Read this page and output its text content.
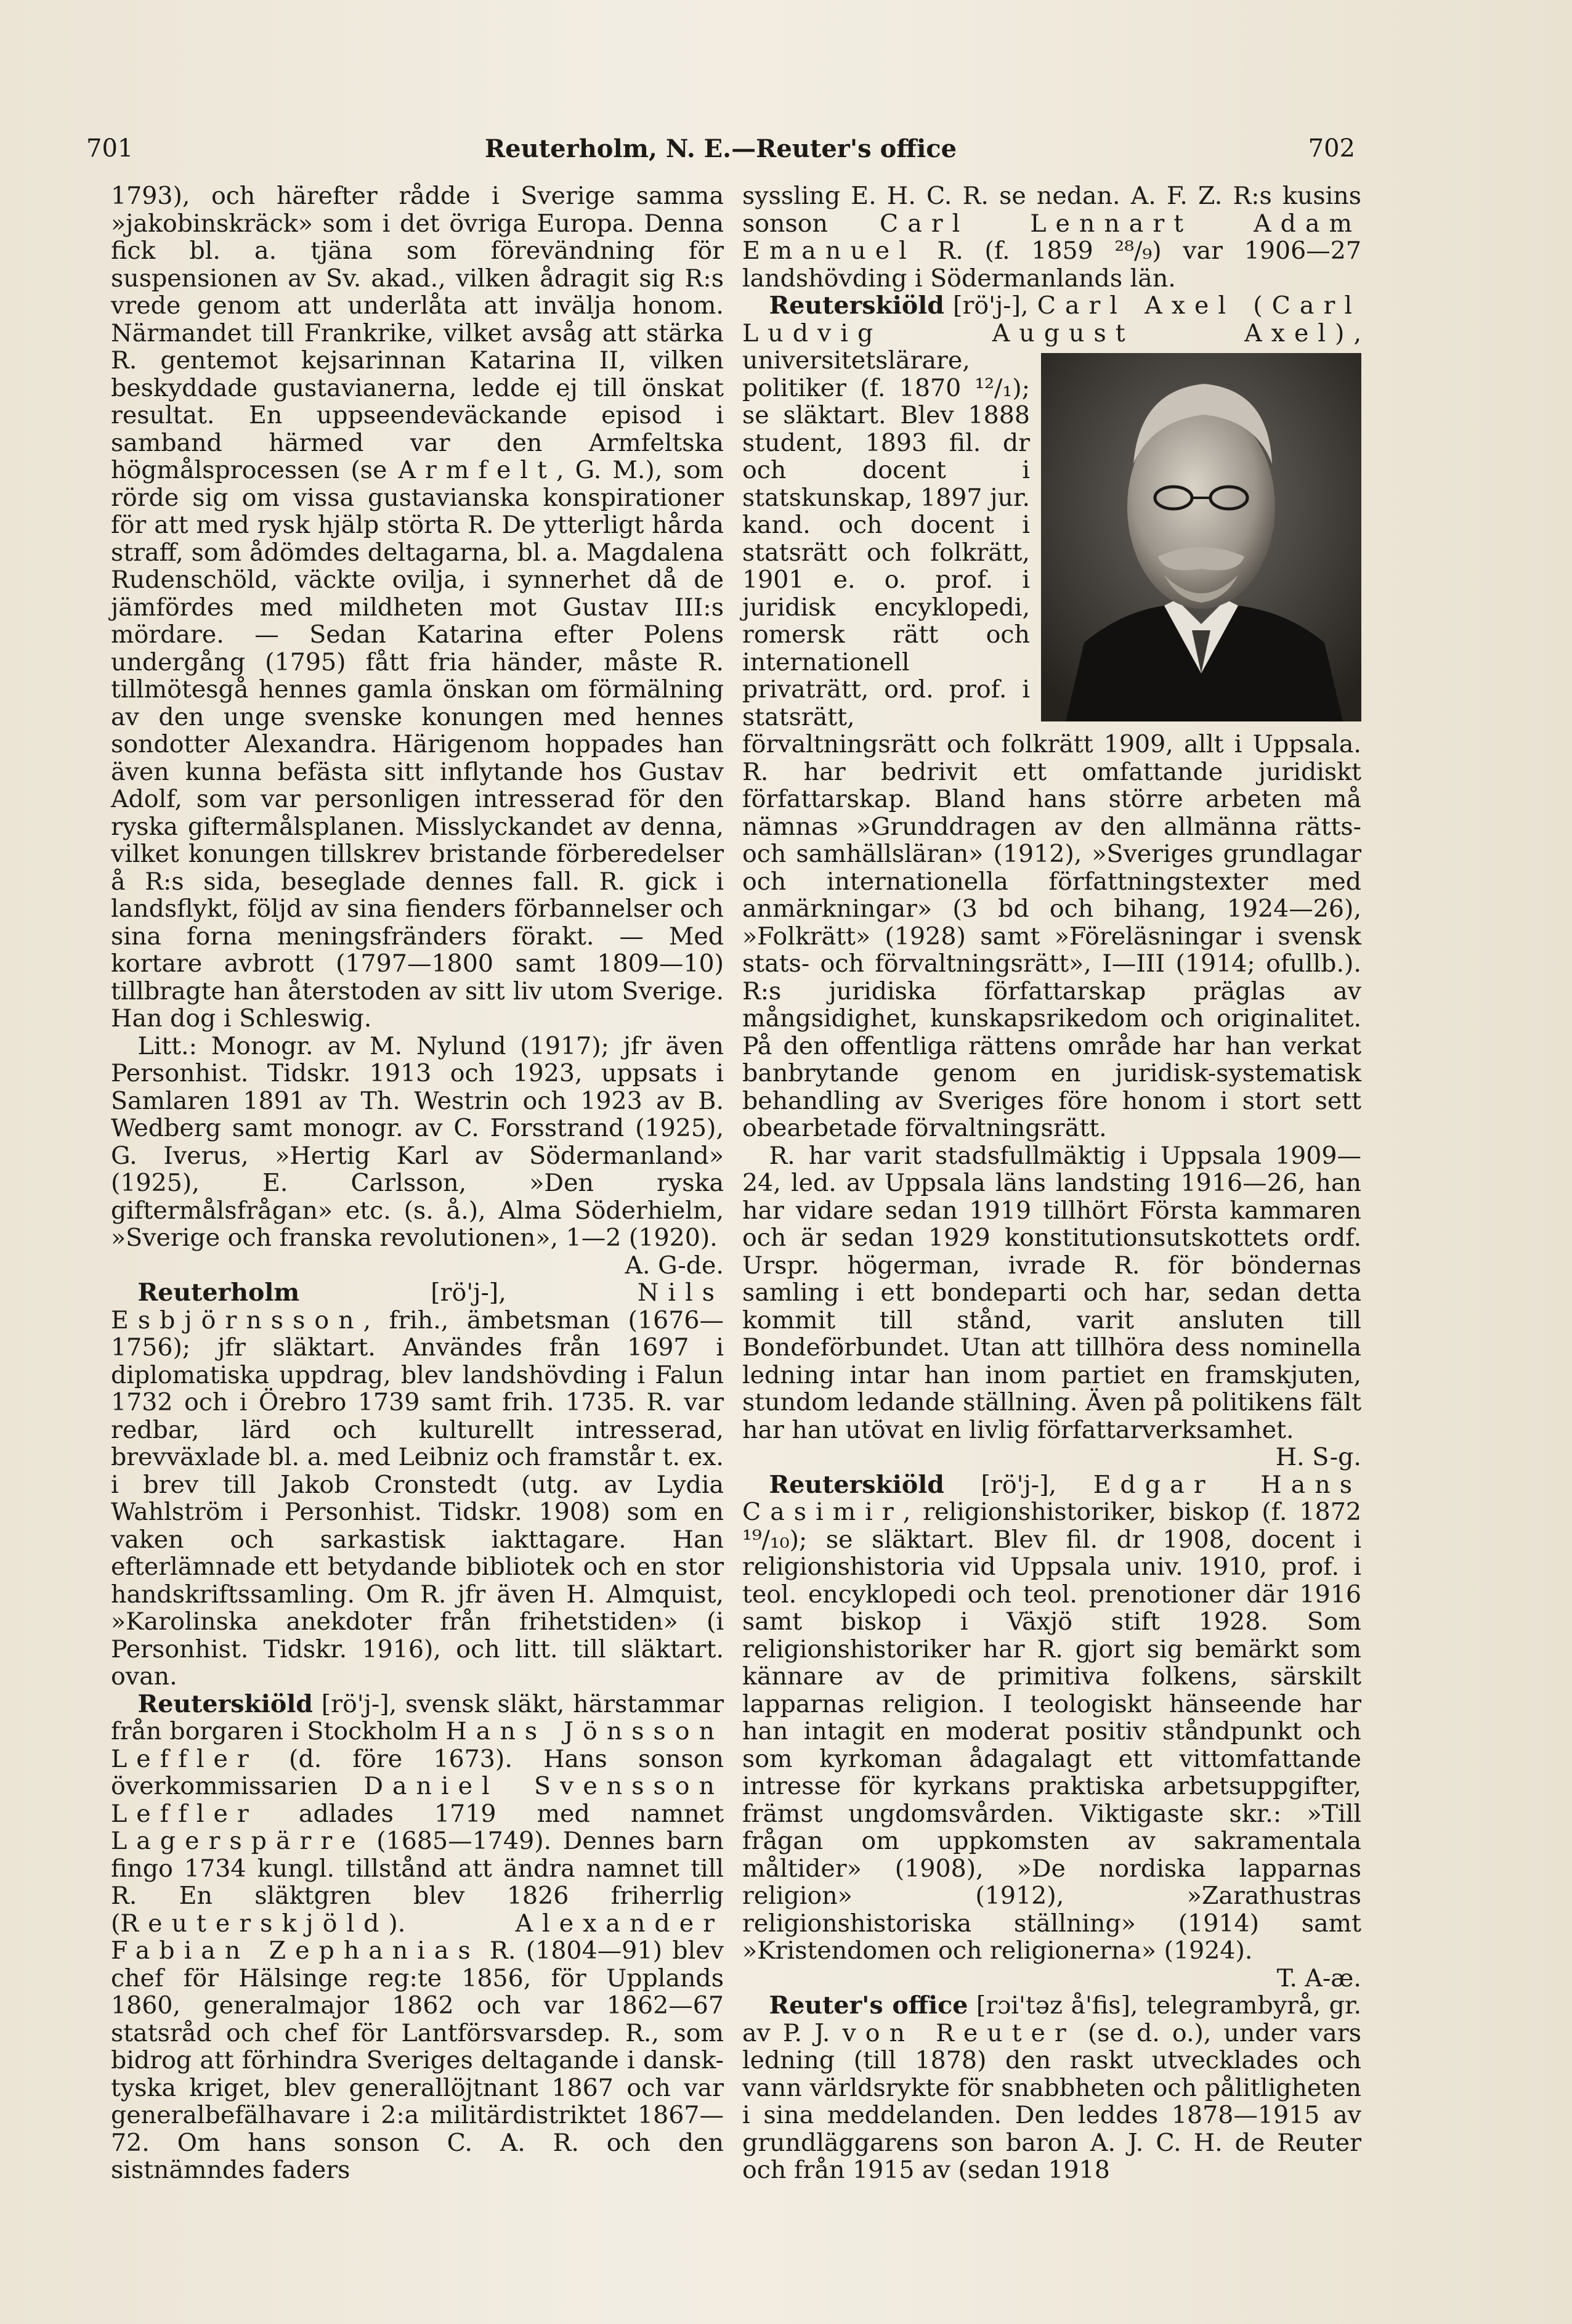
701	Reuterholm, N. E.—Reuter's office	702

1793), och härefter rådde i Sverige samma »jakobinskräck» som i det övriga Europa. Denna fick bl. a. tjäna som förevändning för suspensionen av Sv. akad., vilken ådragit sig R:s vrede genom att underlåta att invälja honom. Närmandet till Frankrike, vilket avsåg att stärka R. gentemot kejsarinnan Katarina II, vilken beskyddade gustavianerna, ledde ej till önskat resultat. En uppseendeväckande episod i samband härmed var den Armfeltska högmålsprocessen (se Armfelt, G. M.), som rörde sig om vissa gustavianska konspirationer för att med rysk hjälp störta R. De ytterligt hårda straff, som ådömdes deltagarna, bl. a. Magdalena Rudenschöld, väckte ovilja, i synnerhet då de jämfördes med mildheten mot Gustav III:s mördare. — Sedan Katarina efter Polens undergång (1795) fått fria händer, måste R. tillmötesgå hennes gamla önskan om förmälning av den unge svenske konungen med hennes sondotter Alexandra. Härigenom hoppades han även kunna befästa sitt inflytande hos Gustav Adolf, som var personligen intresserad för den ryska giftermålsplanen. Misslyckandet av denna, vilket konungen tillskrev bristande förberedelser å R:s sida, beseglade dennes fall. R. gick i landsflykt, följd av sina fienders förbannelser och sina forna meningsfränders förakt. — Med kortare avbrott (1797—1800 samt 1809—10) tillbragte han återstoden av sitt liv utom Sverige. Han dog i Schleswig.

Litt.: Monogr. av M. Nylund (1917); jfr även Personhist. Tidskr. 1913 och 1923, uppsats i Samlaren 1891 av Th. Westrin och 1923 av B. Wedberg samt monogr. av C. Forsstrand (1925), G. Iverus, »Hertig Karl av Södermanland» (1925), E. Carlsson, »Den ryska giftermålsfrågan» etc. (s. å.), Alma Söderhielm, »Sverige och franska revolutionen», 1—2 (1920).
A. G-de.

Reuterholm [rö'j-], Nils Esbjörnsson, frih., ämbetsman (1676—1756); jfr släktart. Användes från 1697 i diplomatiska uppdrag, blev landshövding i Falun 1732 och i Örebro 1739 samt frih. 1735. R. var redbar, lärd och kulturellt intresserad, brevväxlade bl. a. med Leibniz och framstår t. ex. i brev till Jakob Cronstedt (utg. av Lydia Wahlström i Personhist. Tidskr. 1908) som en vaken och sarkastisk iakttagare. Han efterlämnade ett betydande bibliotek och en stor handskriftssamling. Om R. jfr även H. Almquist, »Karolinska anekdoter från frihetstiden» (i Personhist. Tidskr. 1916), och litt. till släktart. ovan.

Reuterskiöld [rö'j-], svensk släkt, härstammar från borgaren i Stockholm Hans Jönsson Leffler (d. före 1673). Hans sonson överkommissarien Daniel Svensson Leffler adlades 1719 med namnet Lagerspärre (1685—1749). Dennes barn fingo 1734 kungl. tillstånd att ändra namnet till R. En släktgren blev 1826 friherrlig (Reuterskjöld). Alexander Fabian Zephanias R. (1804—91) blev chef för Hälsinge reg:te 1856, för Upplands 1860, generalmajor 1862 och var 1862—67 statsråd och chef för Lantförsvarsdep. R., som bidrog att förhindra Sveriges deltagande i dansk-tyska kriget, blev generallöjtnant 1867 och var generalbefälhavare i 2:a militärdistriktet 1867—72. Om hans sonson C. A. R. och den sistnämndes faders

syssling E. H. C. R. se nedan. A. F. Z. R:s kusins sonson Carl Lennart Adam Emanuel R. (f. 1859 ²⁸/₉) var 1906—27 landshövding i Södermanlands län.

Reuterskiöld [rö'j-], Carl Axel (Carl Ludvig August Axel)
, universitetslärare, politiker (f. 1870 ¹²/₁); se släktart. Blev 1888 student, 1893 fil. dr och docent i statskunskap, 1897 jur. kand. och docent i statsrätt och folkrätt, 1901 e. o. prof. i juridisk encyklopedi, romersk rätt och internationell privaträtt, ord. prof. i statsrätt, förvaltningsrätt och folkrätt 1909, allt i Uppsala. R. har bedrivit ett omfattande juridiskt författarskap. Bland hans större arbeten må nämnas »Grunddragen av den allmänna rätts- och samhällsläran» (1912), »Sveriges grundlagar och internationella författningstexter med anmärkningar» (3 bd och bihang, 1924—26), »Folkrätt» (1928) samt »Föreläsningar i svensk stats- och förvaltningsrätt», I—III (1914; ofullb.). R:s juridiska författarskap präglas av mångsidighet, kunskapsrikedom och originalitet. På den offentliga rättens område har han verkat banbrytande genom en juridisk-systematisk behandling av Sveriges före honom i stort sett obearbetade förvaltningsrätt.

R. har varit stadsfullmäktig i Uppsala 1909—24, led. av Uppsala läns landsting 1916—26, han har vidare sedan 1919 tillhört Första kammaren och är sedan 1929 konstitutionsutskottets ordf. Urspr. högerman, ivrade R. för böndernas samling i ett bondeparti och har, sedan detta kommit till stånd, varit ansluten till Bondeförbundet. Utan att tillhöra dess nominella ledning intar han inom partiet en framskjuten, stundom ledande ställning. Även på politikens fält har han utövat en livlig författarverksamhet.
H. S-g.

Reuterskiöld [rö'j-], Edgar Hans Casimir, religionshistoriker, biskop (f. 1872 ¹⁹/₁₀); se släktart. Blev fil. dr 1908, docent i religionshistoria vid Uppsala univ. 1910, prof. i teol. encyklopedi och teol. prenotioner där 1916 samt biskop i Växjö stift 1928. Som religionshistoriker har R. gjort sig bemärkt som kännare av de primitiva folkens, särskilt lapparnas religion. I teologiskt hänseende har han intagit en moderat positiv ståndpunkt och som kyrkoman ådagalagt ett vittomfattande intresse för kyrkans praktiska arbetsuppgifter, främst ungdomsvården. Viktigaste skr.: »Till frågan om uppkomsten av sakramentala måltider» (1908), »De nordiska lapparnas religion» (1912), »Zarathustras religionshistoriska ställning» (1914) samt »Kristendomen och religionerna» (1924).
T. A-æ.

Reuter's office [rɔi'tәz å'fis], telegrambyrå, gr. av P. J. von Reuter (se d. o.), under vars ledning (till 1878) den raskt utvecklades och vann världsrykte för snabbheten och pålitligheten i sina meddelanden. Den leddes 1878—1915 av grundläggarens son baron A. J. C. H. de Reuter och från 1915 av (sedan 1918
